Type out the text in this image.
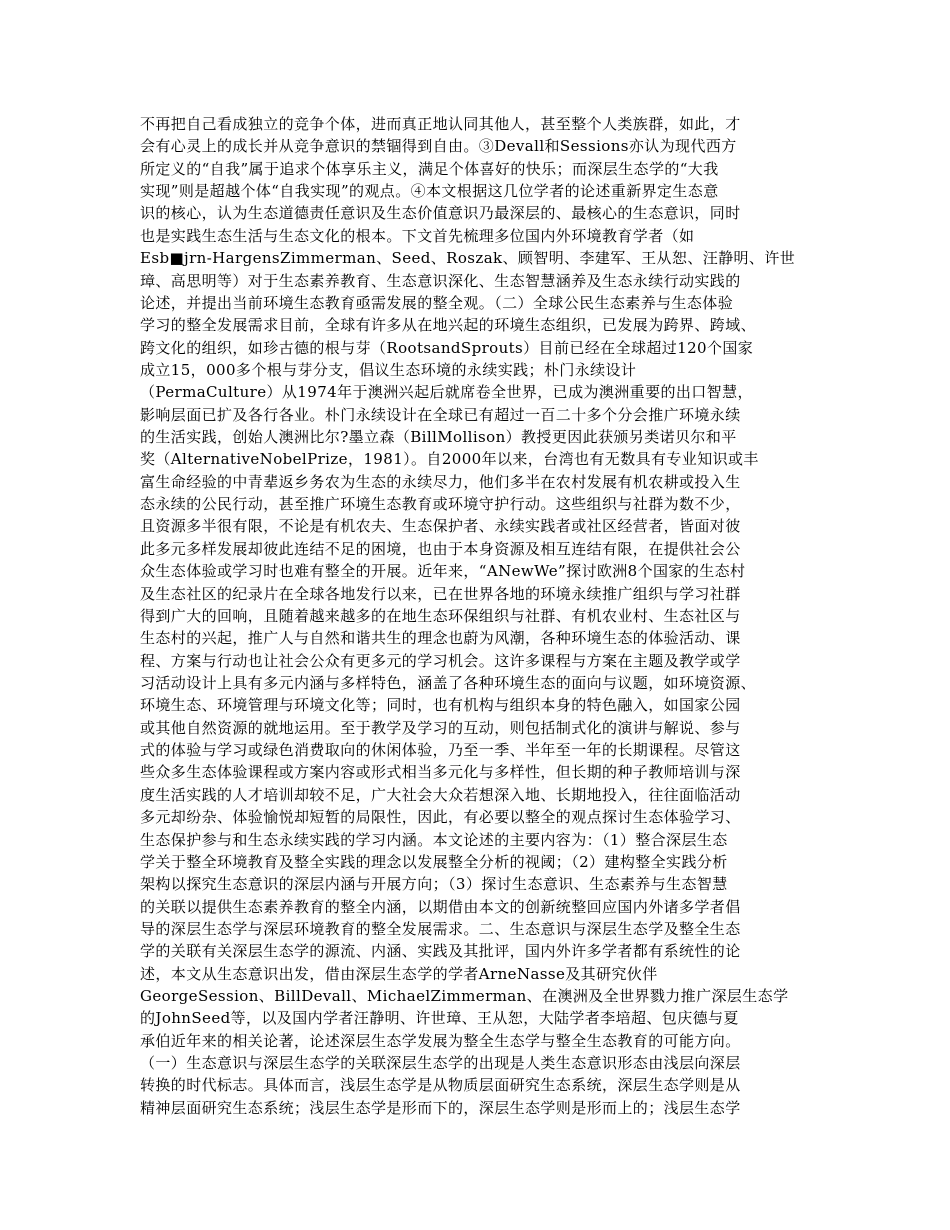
不再把自己看成独立的竞争个体，进而真正地认同其他人，甚至整个人类族群，如此，才
会有心灵上的成长并从竞争意识的禁锢得到自由。③Devall和Sessions亦认为现代西方
所定义的“自我”属于追求个体享乐主义，满足个体喜好的快乐；而深层生态学的“大我
实现”则是超越个体“自我实现”的观点。④本文根据这几位学者的论述重新界定生态意
识的核心，认为生态道德责任意识及生态价值意识乃最深层的、最核心的生态意识，同时
也是实践生态生活与生态文化的根本。下文首先梳理多位国内外环境教育学者（如
Esb■jrn-HargensZimmerman、Seed、Roszak、顾智明、李建军、王从恕、汪静明、许世
璋、高思明等）对于生态素养教育、生态意识深化、生态智慧涵养及生态永续行动实践的
论述，并提出当前环境生态教育亟需发展的整全观。（二）全球公民生态素养与生态体验
学习的整全发展需求目前，全球有许多从在地兴起的环境生态组织，已发展为跨界、跨域、
跨文化的组织，如珍古德的根与芽（RootsandSprouts）目前已经在全球超过120个国家
成立15，000多个根与芽分支，倡议生态环境的永续实践；朴门永续设计
（PermaCulture）从1974年于澳洲兴起后就席卷全世界，已成为澳洲重要的出口智慧，
影响层面已扩及各行各业。朴门永续设计在全球已有超过一百二十多个分会推广环境永续
的生活实践，创始人澳洲比尔?墨立森（BillMollison）教授更因此获颁另类诺贝尔和平
奖（AlternativeNobelPrize，1981）。自2000年以来，台湾也有无数具有专业知识或丰
富生命经验的中青辈返乡务农为生态的永续尽力，他们多半在农村发展有机农耕或投入生
态永续的公民行动，甚至推广环境生态教育或环境守护行动。这些组织与社群为数不少，
且资源多半很有限，不论是有机农夫、生态保护者、永续实践者或社区经营者，皆面对彼
此多元多样发展却彼此连结不足的困境，也由于本身资源及相互连结有限，在提供社会公
众生态体验或学习时也难有整全的开展。近年来，“ANewWe”探讨欧洲8个国家的生态村
及生态社区的纪录片在全球各地发行以来，已在世界各地的环境永续推广组织与学习社群
得到广大的回响，且随着越来越多的在地生态环保组织与社群、有机农业村、生态社区与
生态村的兴起，推广人与自然和谐共生的理念也蔚为风潮，各种环境生态的体验活动、课
程、方案与行动也让社会公众有更多元的学习机会。这许多课程与方案在主题及教学或学
习活动设计上具有多元内涵与多样特色，涵盖了各种环境生态的面向与议题，如环境资源、
环境生态、环境管理与环境文化等；同时，也有机构与组织本身的特色融入，如国家公园
或其他自然资源的就地运用。至于教学及学习的互动，则包括制式化的演讲与解说、参与
式的体验与学习或绿色消费取向的休闲体验，乃至一季、半年至一年的长期课程。尽管这
些众多生态体验课程或方案内容或形式相当多元化与多样性，但长期的种子教师培训与深
度生活实践的人才培训却较不足，广大社会大众若想深入地、长期地投入，往往面临活动
多元却纷杂、体验愉悦却短暂的局限性，因此，有必要以整全的观点探讨生态体验学习、
生态保护参与和生态永续实践的学习内涵。本文论述的主要内容为：（1）整合深层生态
学关于整全环境教育及整全实践的理念以发展整全分析的视阈；（2）建构整全实践分析
架构以探究生态意识的深层内涵与开展方向；（3）探讨生态意识、生态素养与生态智慧
的关联以提供生态素养教育的整全内涵，以期借由本文的创新统整回应国内外诸多学者倡
导的深层生态学与深层环境教育的整全发展需求。二、生态意识与深层生态学及整全生态
学的关联有关深层生态学的源流、内涵、实践及其批评，国内外许多学者都有系统性的论
述，本文从生态意识出发，借由深层生态学的学者ArneNasse及其研究伙伴
GeorgeSession、BillDevall、MichaelZimmerman、在澳洲及全世界戮力推广深层生态学
的JohnSeed等，以及国内学者汪静明、许世璋、王从恕，大陆学者李培超、包庆德与夏
承伯近年来的相关论著，论述深层生态学发展为整全生态学与整全生态教育的可能方向。
（一）生态意识与深层生态学的关联深层生态学的出现是人类生态意识形态由浅层向深层
转换的时代标志。具体而言，浅层生态学是从物质层面研究生态系统，深层生态学则是从
精神层面研究生态系统；浅层生态学是形而下的，深层生态学则是形而上的；浅层生态学
